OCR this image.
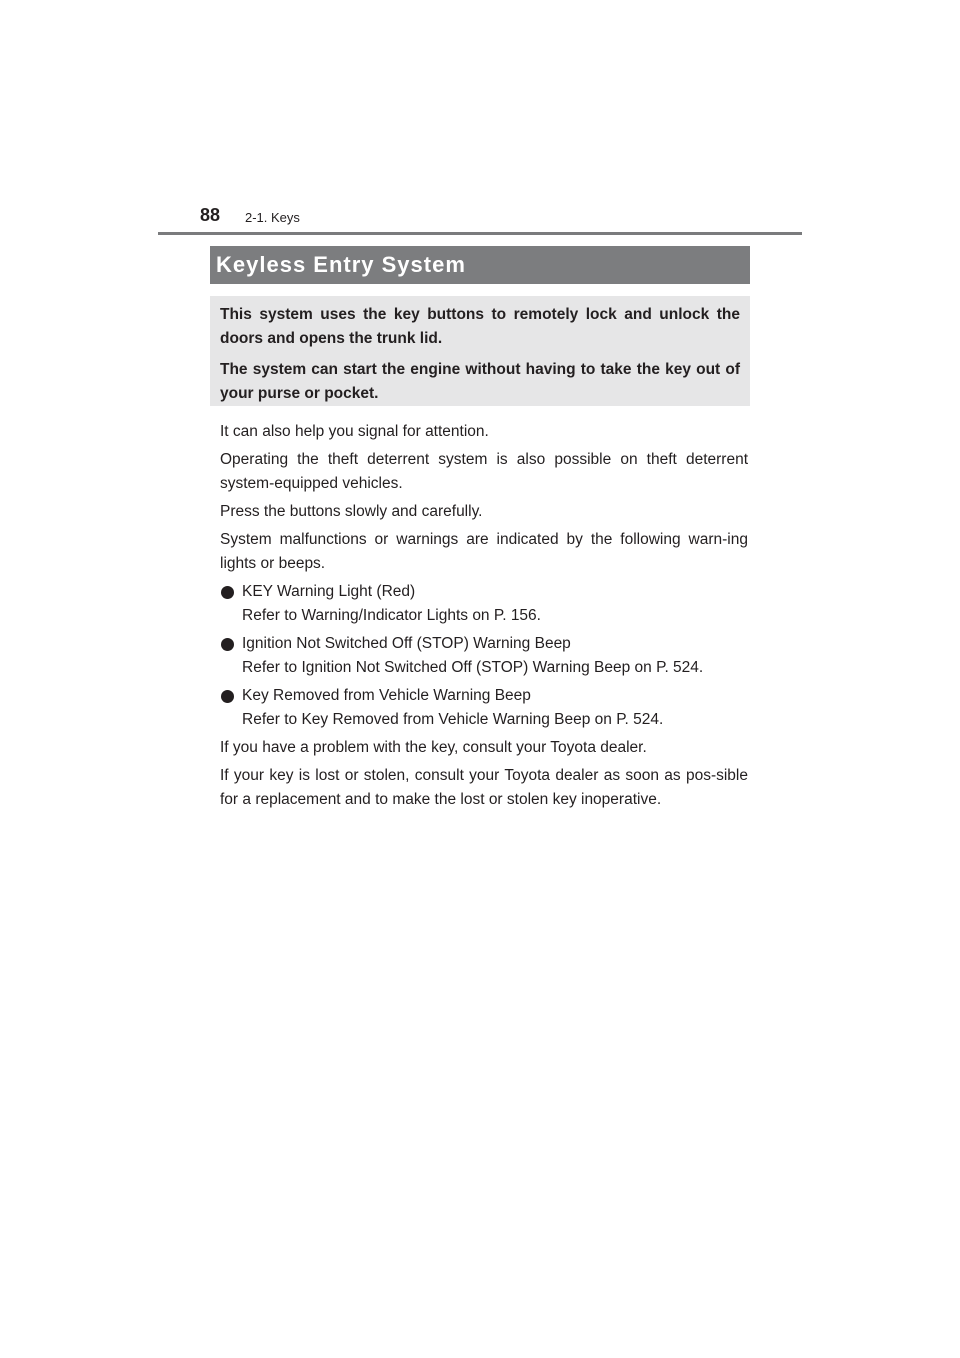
88 2-1. Keys
Keyless Entry System

This system uses the key buttons to remotely lock and unlock the doors and opens the trunk lid.

The system can start the engine without having to take the key out of your purse or pocket.

It can also help you signal for attention.

Operating the theft deterrent system is also possible on theft deterrent system-equipped vehicles.

Press the buttons slowly and carefully.

System malfunctions or warnings are indicated by the following warn-ing lights or beeps.

KEY Warning Light (Red)
Refer to Warning/Indicator Lights on P. 156.
Ignition Not Switched Off (STOP) Warning Beep
Refer to Ignition Not Switched Off (STOP) Warning Beep on P. 524.
Key Removed from Vehicle Warning Beep
Refer to Key Removed from Vehicle Warning Beep on P. 524.

If you have a problem with the key, consult your Toyota dealer.

If your key is lost or stolen, consult your Toyota dealer as soon as pos-sible for a replacement and to make the lost or stolen key inoperative.
